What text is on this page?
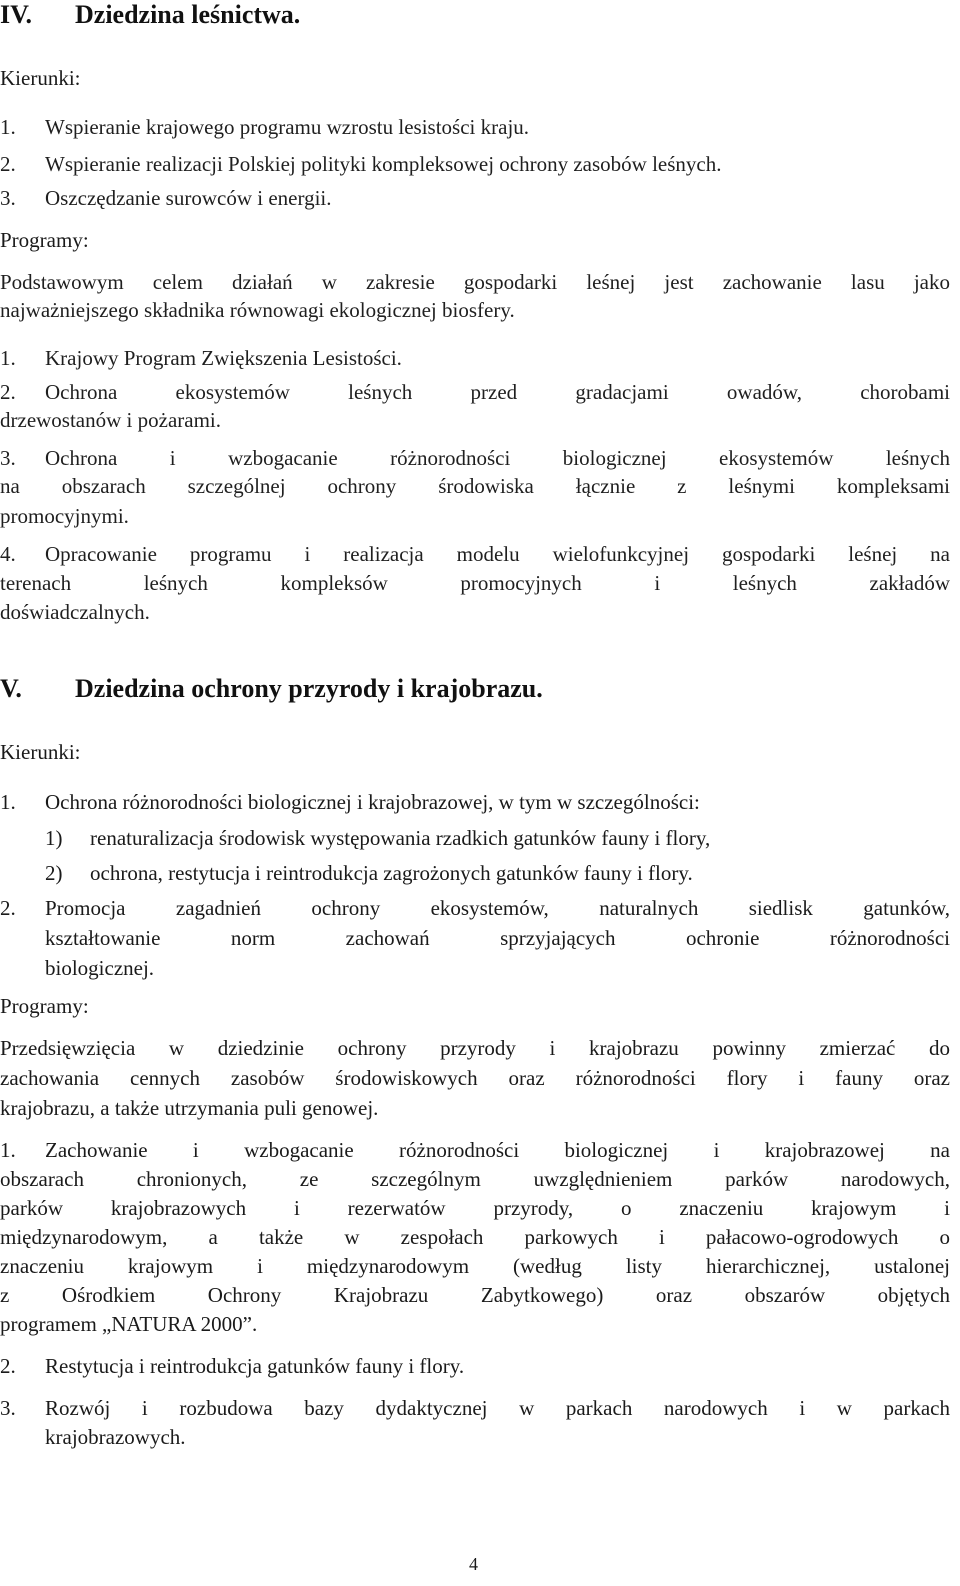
IV. Dziedzina leśnictwa.
Kierunki:
1. Wspieranie krajowego programu wzrostu lesistości kraju.
2. Wspieranie realizacji Polskiej polityki kompleksowej ochrony zasobów leśnych.
3. Oszczędzanie surowców i energii.
Programy:
Podstawowym celem działań w zakresie gospodarki leśnej jest zachowanie lasu jako
najważniejszego składnika równowagi ekologicznej biosfery.
1. Krajowy Program Zwiększenia Lesistości.
2. Ochrona ekosystemów leśnych przed gradacjami owadów, chorobami
drzewostanów i pożarami.
3. Ochrona i wzbogacanie różnorodności biologicznej ekosystemów leśnych
na obszarach szczególnej ochrony środowiska łącznie z leśnymi kompleksami
promocyjnymi.
4. Opracowanie programu i realizacja modelu wielofunkcyjnej gospodarki leśnej na
terenach leśnych kompleksów promocyjnych i leśnych zakładów
doświadczalnych.
V. Dziedzina ochrony przyrody i krajobrazu.
Kierunki:
1. Ochrona różnorodności biologicznej i krajobrazowej, w tym w szczególności:
1) renaturalizacja środowisk występowania rzadkich gatunków fauny i flory,
2) ochrona, restytucja i reintrodukcja zagrożonych gatunków fauny i flory.
2. Promocja zagadnień ochrony ekosystemów, naturalnych siedlisk gatunków,
kształtowanie norm zachowań sprzyjających ochronie różnorodności
biologicznej.
Programy:
Przedsięwzięcia w dziedzinie ochrony przyrody i krajobrazu powinny zmierzać do
zachowania cennych zasobów środowiskowych oraz różnorodności flory i fauny oraz
krajobrazu, a także utrzymania puli genowej.
1. Zachowanie i wzbogacanie różnorodności biologicznej i krajobrazowej na
obszarach chronionych, ze szczególnym uwzględnieniem parków narodowych,
parków krajobrazowych i rezerwatów przyrody, o znaczeniu krajowym i
międzynarodowym, a także w zespołach parkowych i pałacowo-ogrodowych o
znaczeniu krajowym i międzynarodowym (według listy hierarchicznej, ustalonej
z Ośrodkiem Ochrony Krajobrazu Zabytkowego) oraz obszarów objętych
programem „NATURA 2000”.
2. Restytucja i reintrodukcja gatunków fauny i flory.
3. Rozwój i rozbudowa bazy dydaktycznej w parkach narodowych i w parkach
krajobrazowych.
4
